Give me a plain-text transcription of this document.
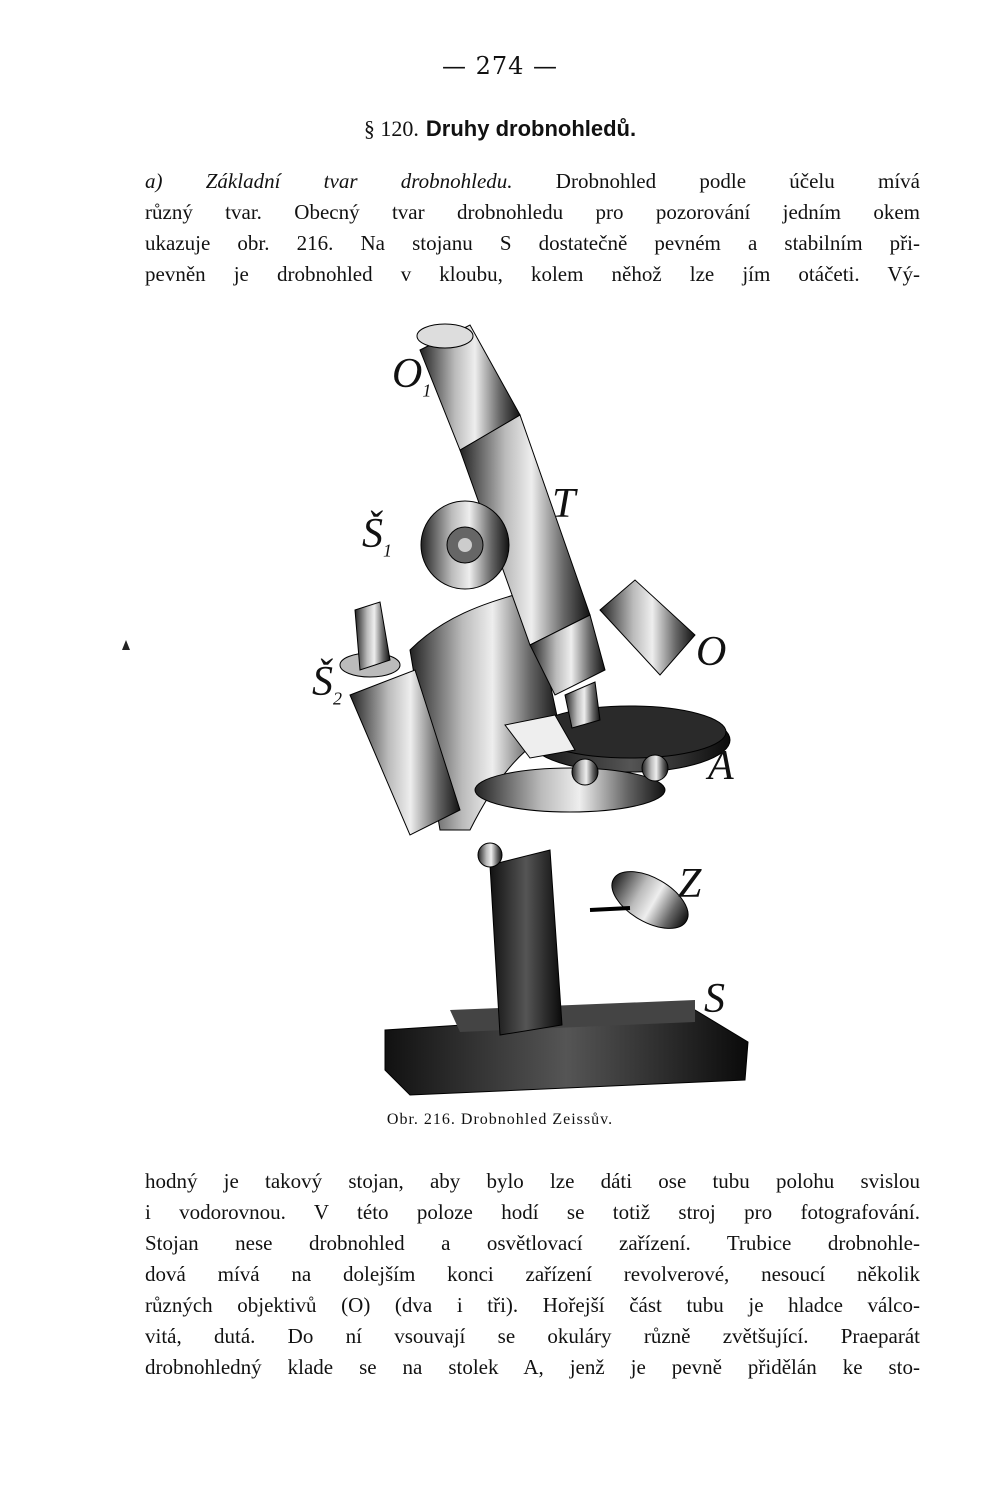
— 274 —
§ 120. Druhy drobnohledů.
a) Základní tvar drobnohledu. Drobnohled podle účelu mívá
různý tvar. Obecný tvar drobnohledu pro pozorování jedním okem
ukazuje obr. 216. Na stojanu S dostatečně pevném a stabilním při-
pevněn je drobnohled v kloubu, kolem něhož lze jím otáčeti. Vý-
$O_1$
T
$Š_1$
$Š_2$
O
A
Z
S
Obr. 216. Drobnohled Zeissův.
hodný je takový stojan, aby bylo lze dáti ose tubu polohu svislou
i vodorovnou. V této poloze hodí se totiž stroj pro fotografování.
Stojan nese drobnohled a osvětlovací zařízení. Trubice drobnohle-
dová mívá na dolejším konci zařízení revolverové, nesoucí několik
různých objektivů (O) (dva i tři). Hořejší část tubu je hladce válco-
vitá, dutá. Do ní vsouvají se okuláry různě zvětšující. Praeparát
drobnohledný klade se na stolek A, jenž je pevně přidělán ke sto-
